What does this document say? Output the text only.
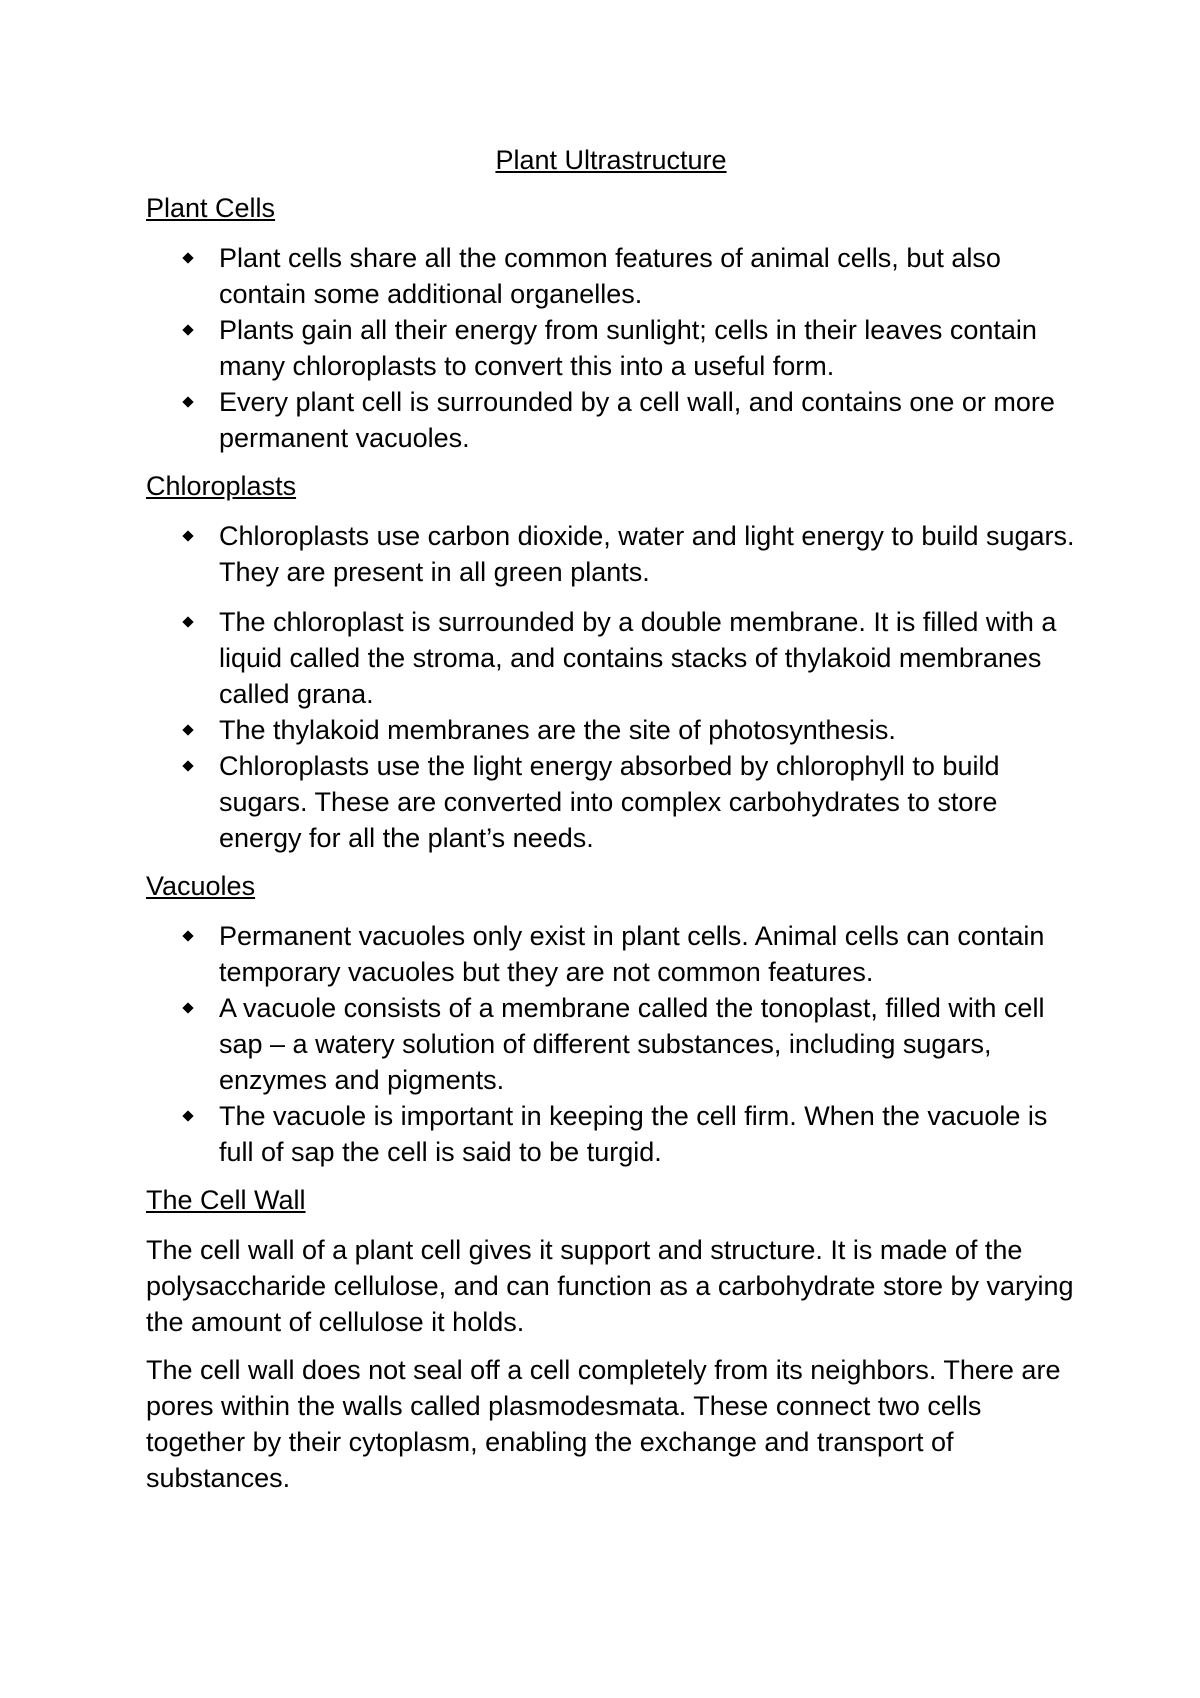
Plant Ultrastructure
Plant Cells
Plant cells share all the common features of animal cells, but also contain some additional organelles.
Plants gain all their energy from sunlight; cells in their leaves contain many chloroplasts to convert this into a useful form.
Every plant cell is surrounded by a cell wall, and contains one or more permanent vacuoles.
Chloroplasts
Chloroplasts use carbon dioxide, water and light energy to build sugars. They are present in all green plants.
The chloroplast is surrounded by a double membrane. It is filled with a liquid called the stroma, and contains stacks of thylakoid membranes called grana.
The thylakoid membranes are the site of photosynthesis.
Chloroplasts use the light energy absorbed by chlorophyll to build sugars. These are converted into complex carbohydrates to store energy for all the plant’s needs.
Vacuoles
Permanent vacuoles only exist in plant cells. Animal cells can contain temporary vacuoles but they are not common features.
A vacuole consists of a membrane called the tonoplast, filled with cell sap – a watery solution of different substances, including sugars, enzymes and pigments.
The vacuole is important in keeping the cell firm. When the vacuole is full of sap the cell is said to be turgid.
The Cell Wall

The cell wall of a plant cell gives it support and structure. It is made of the polysaccharide cellulose, and can function as a carbohydrate store by varying the amount of cellulose it holds.

The cell wall does not seal off a cell completely from its neighbors. There are pores within the walls called plasmodesmata. These connect two cells together by their cytoplasm, enabling the exchange and transport of substances.
